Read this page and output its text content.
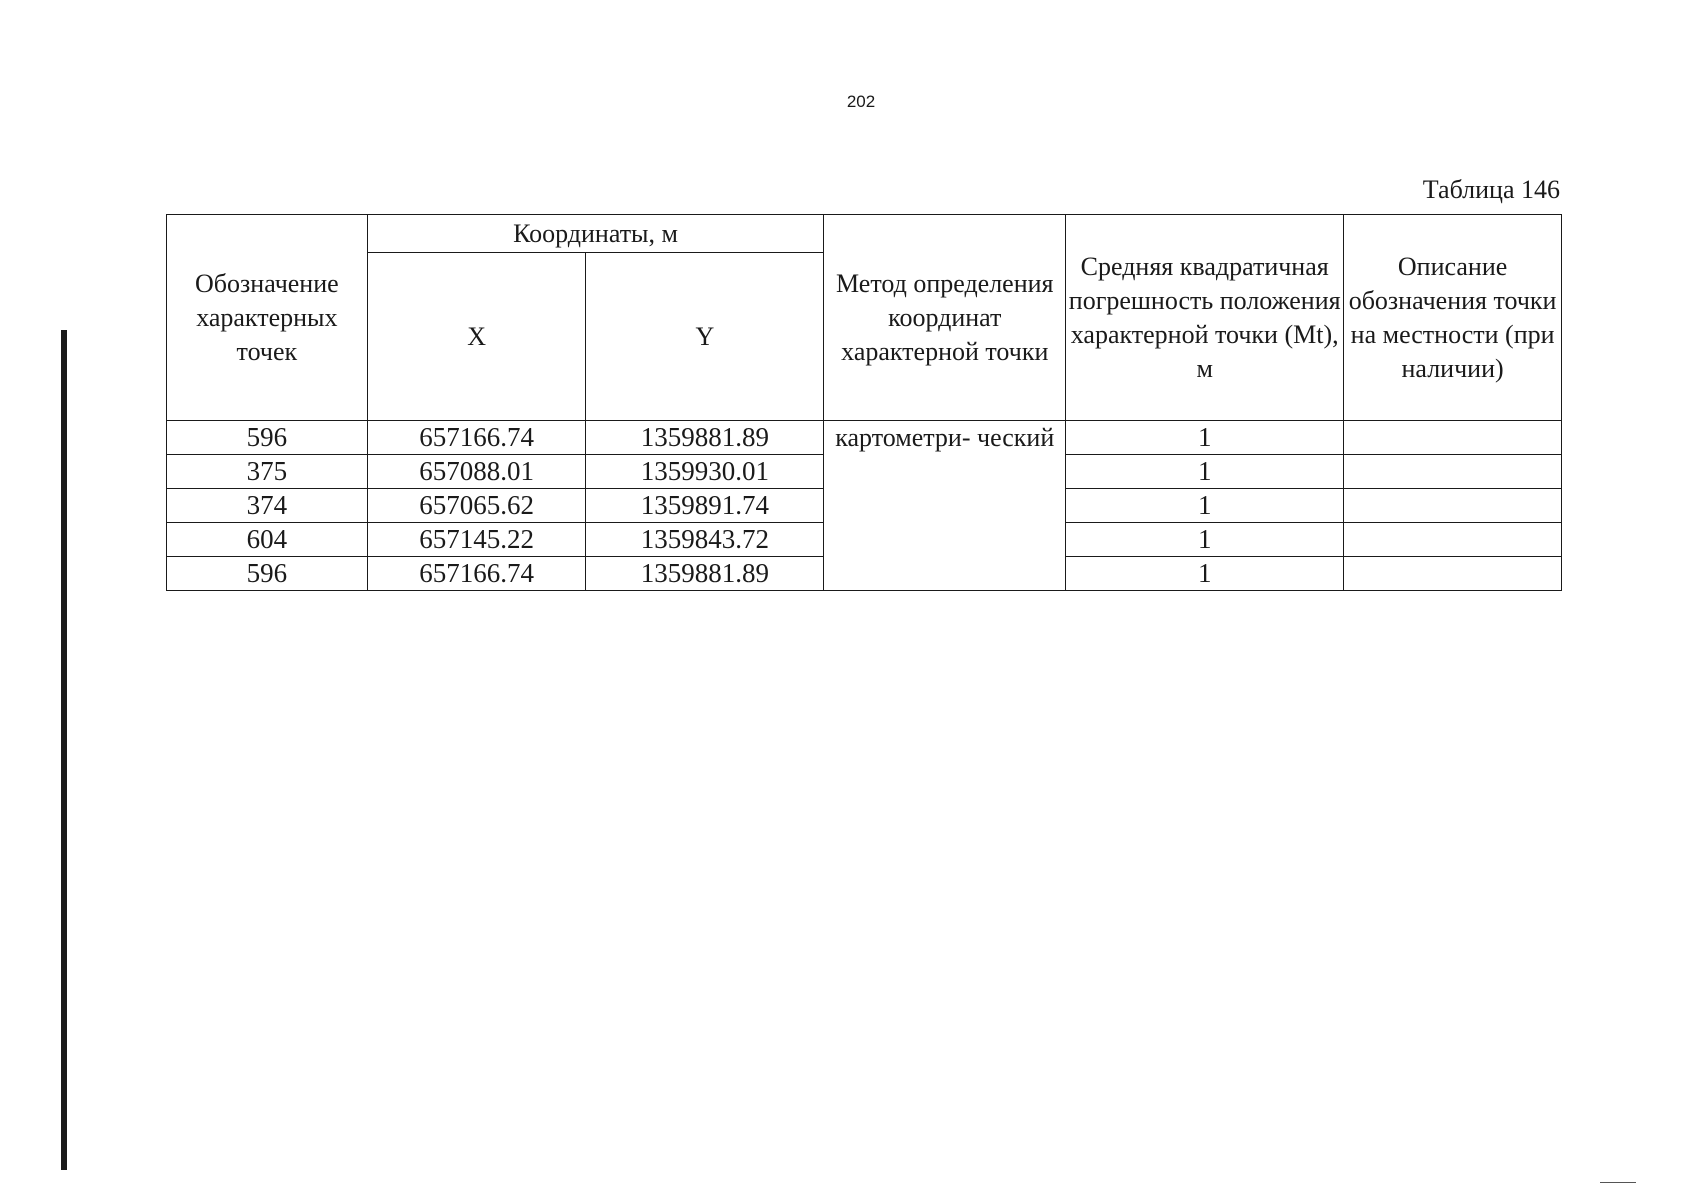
202
Таблица 146
Обозначение характерных точек	Координаты, м		Метод определения координат характерной точки	Средняя квадратичная погрешность положения характерной точки (Mt), м	Описание обозначения точки на местности (при наличии)
	X	Y			
596	657166.74	1359881.89	картометри- ческий	1	
375	657088.01	1359930.01		1	
374	657065.62	1359891.74		1	
604	657145.22	1359843.72		1	
596	657166.74	1359881.89		1	
